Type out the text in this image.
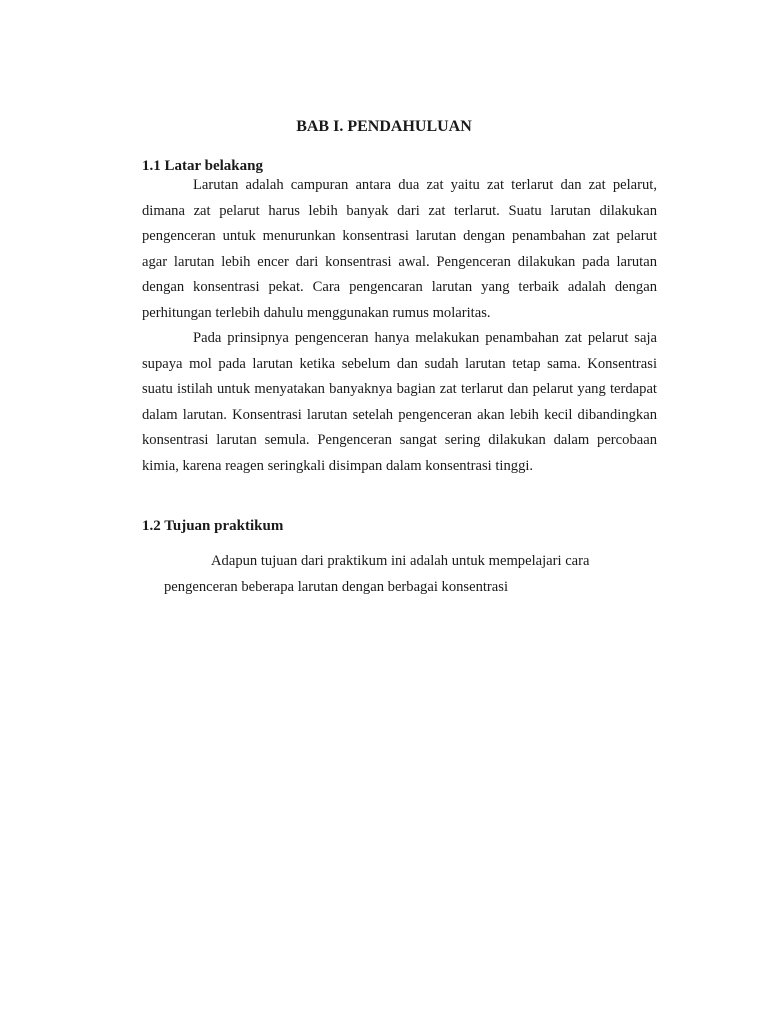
BAB I. PENDAHULUAN
1.1 Latar belakang

Larutan adalah campuran antara dua zat yaitu zat terlarut dan zat pelarut, dimana zat pelarut harus lebih banyak dari zat terlarut. Suatu larutan dilakukan pengenceran untuk menurunkan konsentrasi larutan dengan penambahan zat pelarut agar larutan lebih encer dari konsentrasi awal. Pengenceran dilakukan pada larutan dengan konsentrasi pekat. Cara pengencaran larutan yang terbaik adalah dengan perhitungan terlebih dahulu menggunakan rumus molaritas.

Pada prinsipnya pengenceran hanya melakukan penambahan zat pelarut saja supaya mol pada larutan ketika sebelum dan sudah larutan tetap sama. Konsentrasi suatu istilah untuk menyatakan banyaknya bagian zat terlarut dan pelarut yang terdapat dalam larutan. Konsentrasi larutan setelah pengenceran akan lebih kecil dibandingkan konsentrasi larutan semula. Pengenceran sangat sering dilakukan dalam percobaan kimia, karena reagen seringkali disimpan dalam konsentrasi tinggi.

1.2 Tujuan praktikum

Adapun tujuan dari praktikum ini adalah untuk mempelajari cara pengenceran beberapa larutan dengan berbagai konsentrasi
